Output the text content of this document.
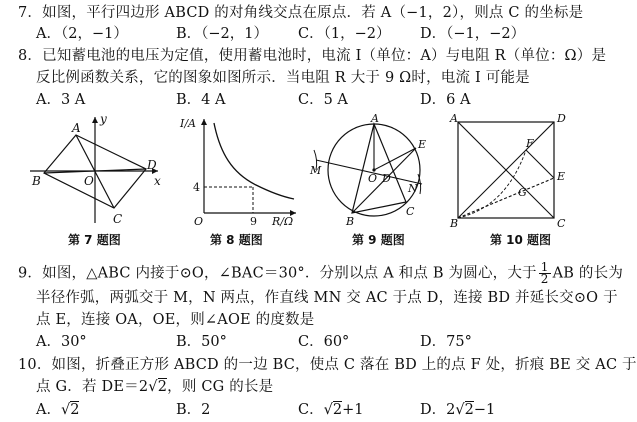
7．如图，平行四边形 ABCD 的对角线交点在原点．若 A（−1，2），则点 C 的坐标是
A．（2，−1）	B．（−2，1） C．（1，−2） D．（−1，−2）
8．已知蓄电池的电压为定值，使用蓄电池时，电流 I（单位：A）与电阻 R（单位：Ω）是
反比例函数关系，它的图象如图所示．当电阻 R 大于 9 Ω时，电流 I 可能是
A．3 A	B．4 A	C．5 A	D．6 A
y
x
A
B
C
D
O
第 7 题图
I/A
R/Ω
4
9
O
第 8 题图
A
B
C
D
E
M
N
O
第 9 题图
A
B	C
D
E
F
G
第 10 题图
9．如图，△ABC 内接于⊙O，∠BAC＝30°．分别以点 A 和点 B 为圆心，大于 $\frac{1}{2}$ AB 的长为
半径作弧，两弧交于 M，N 两点，作直线 MN 交 AC 于点 D，连接 BD 并延长交⊙O 于
点 E，连接 OA，OE，则∠AOE 的度数是
A．30°	B．50°	C．60°	D．75°
10．如图，折叠正方形 ABCD 的一边 BC，使点 C 落在 BD 上的点 F 处，折痕 BE 交 AC 于
点 G．若 DE＝2√2，则 CG 的长是
A．√2	B．2	C．√2+1	D．2√2−1
